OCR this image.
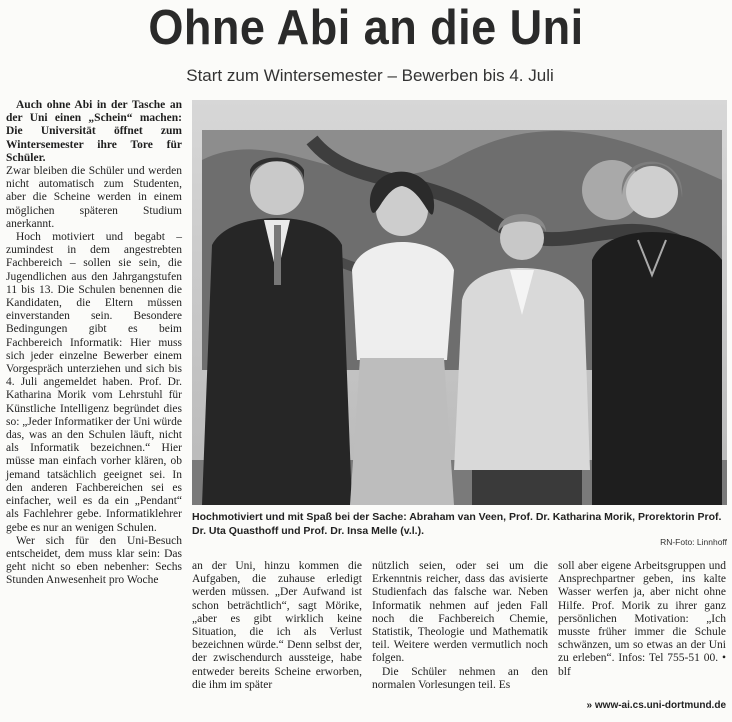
Ohne Abi an die Uni
Start zum Wintersemester – Bewerben bis 4. Juli

Auch ohne Abi in der Tasche an der Uni einen „Schein“ machen: Die Universität öffnet zum Wintersemester ihre Tore für Schüler.

Zwar bleiben die Schüler und werden nicht automatisch zum Studenten, aber die Scheine werden in einem möglichen späteren Studium anerkannt.

Hoch motiviert und begabt – zumindest in dem angestrebten Fachbereich – sollen sie sein, die Jugendlichen aus den Jahrgangstufen 11 bis 13. Die Schulen benennen die Kandidaten, die Eltern müssen einverstanden sein. Besondere Bedingungen gibt es beim Fachbereich Informatik: Hier muss sich jeder einzelne Bewerber einem Vorgespräch unterziehen und sich bis 4. Juli angemeldet haben. Prof. Dr. Katharina Morik vom Lehrstuhl für Künstliche Intelligenz begründet dies so: „Jeder Informatiker der Uni würde das, was an den Schulen läuft, nicht als Informatik bezeichnen.“ Hier müsse man einfach vorher klären, ob jemand tatsächlich geeignet sei. In den anderen Fachbereichen sei es einfacher, weil es da ein „Pendant“ als Fachlehrer gebe. Informatiklehrer gebe es nur an wenigen Schulen.

Wer sich für den Uni-Besuch entscheidet, dem muss klar sein: Das geht nicht so eben nebenher: Sechs Stunden Anwesenheit pro Woche

Hochmotiviert und mit Spaß bei der Sache: Abraham van Veen, Prof. Dr. Katharina Morik, Prorektorin Prof. Dr. Uta Quasthoff und Prof. Dr. Insa Melle (v.l.).
RN-Foto: Linnhoff

an der Uni, hinzu kommen die Aufgaben, die zuhause erledigt werden müssen. „Der Aufwand ist schon beträchtlich“, sagt Mörike, „aber es gibt wirklich keine Situation, die ich als Verlust bezeichnen würde.“ Denn selbst der, der zwischendurch aussteige, habe entweder bereits Scheine erworben, die ihm im später

nützlich seien, oder sei um die Erkenntnis reicher, dass das avisierte Studienfach das falsche war. Neben Informatik nehmen auf jeden Fall noch die Fachbereich Chemie, Statistik, Theologie und Mathematik teil. Weitere werden vermutlich noch folgen.

Die Schüler nehmen an den normalen Vorlesungen teil. Es

soll aber eigene Arbeitsgruppen und Ansprechpartner geben, ins kalte Wasser werfen ja, aber nicht ohne Hilfe. Prof. Morik zu ihrer ganz persönlichen Motivation: „Ich musste früher immer die Schule schwänzen, um so etwas an der Uni zu erleben“. Infos: Tel 755-51 00. • blf

» www-ai.cs.uni-dortmund.de
